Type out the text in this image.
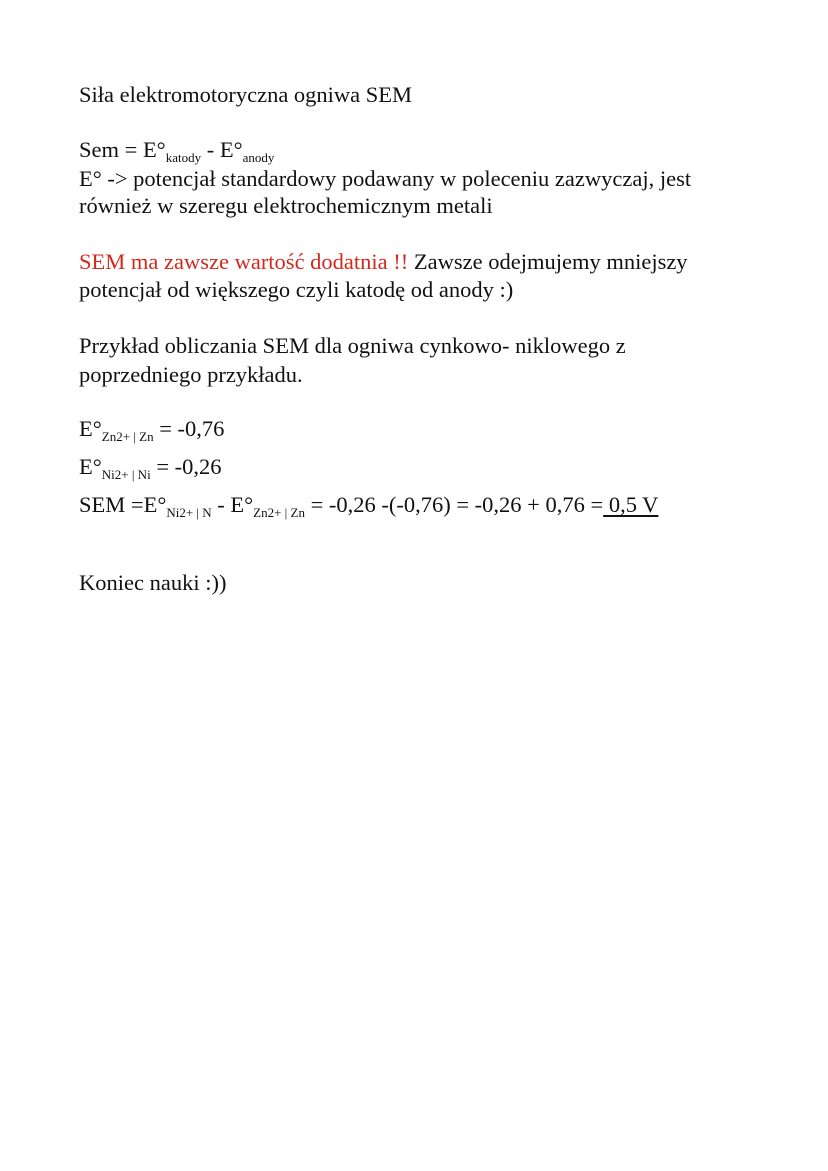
Siła elektromotoryczna ogniwa SEM
Sem = $E^\circ_{katody} - E^\circ_{anody}$
E° -> potencjał standardowy podawany w poleceniu zazwyczaj, jest
również w szeregu elektrochemicznym metali
SEM ma zawsze wartość dodatnia !! Zawsze odejmujemy mniejszy
potencjał od większego czyli katodę od anody :)
Przykład obliczania SEM dla ogniwa cynkowo- niklowego z
poprzedniego przykładu.
$E^\circ_{Zn2+ | Zn} = -0,76$
$E^\circ_{Ni2+ | Ni} = -0,26$
SEM $=E^\circ_{Ni2+ | N} - E^\circ_{Zn2+ | Zn} = -0,26$ -(-0,76) = -0,26 + 0,76 = 0,5 V
Koniec nauki :))
